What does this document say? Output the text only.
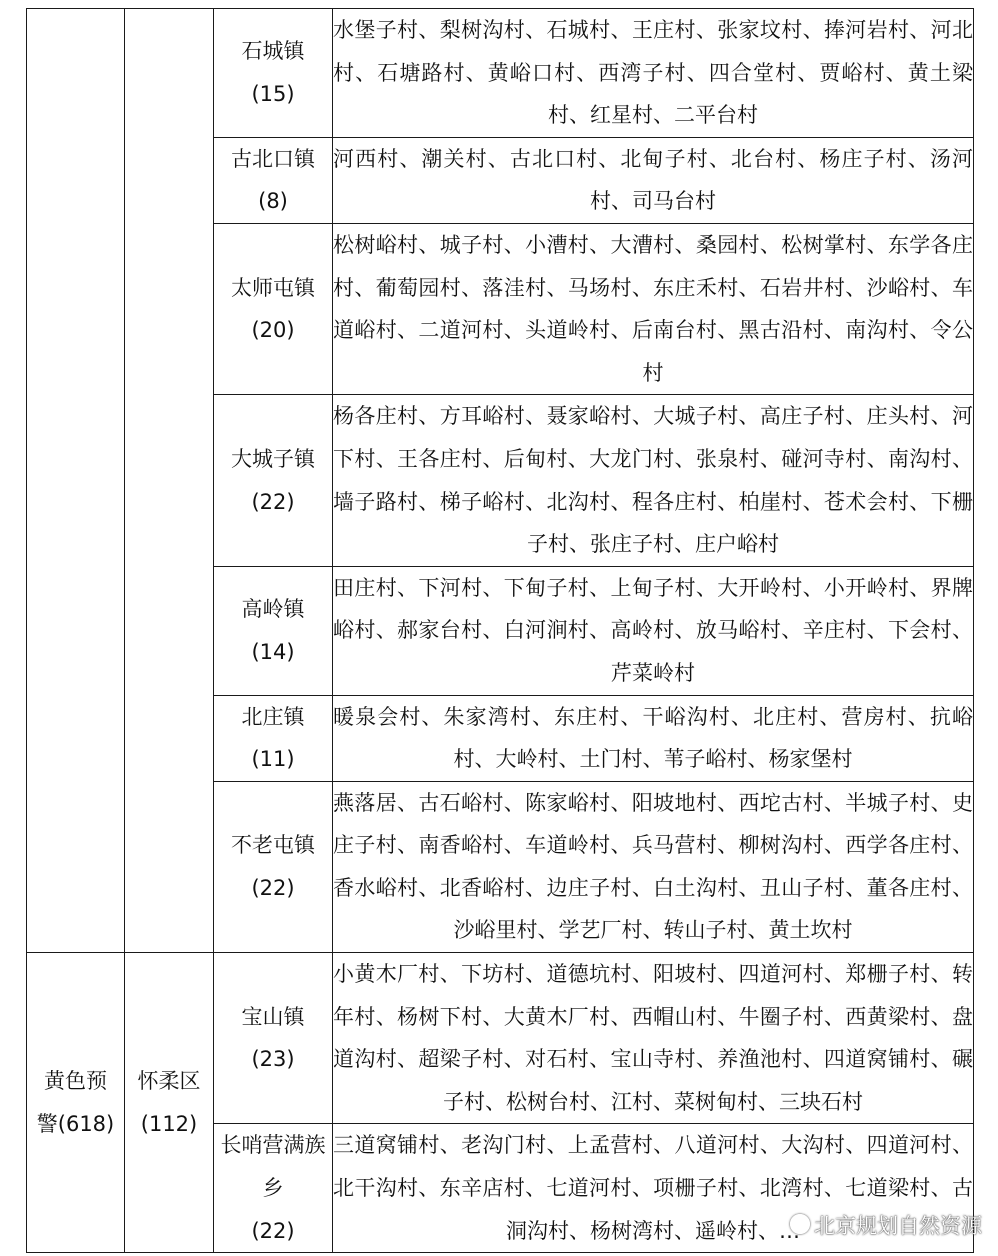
		石城镇
(15)	水堡子村、梨树沟村、石城村、王庄村、张家坟村、捧河岩村、河北村、石塘路村、黄峪口村、西湾子村、四合堂村、贾峪村、黄土梁村、红星村、二平台村

		古北口镇
(8)	河西村、潮关村、古北口村、北甸子村、北台村、杨庄子村、汤河村、司马台村

		太师屯镇
(20)	松树峪村、城子村、小漕村、大漕村、桑园村、松树掌村、东学各庄村、葡萄园村、落洼村、马场村、东庄禾村、石岩井村、沙峪村、车道峪村、二道河村、头道岭村、后南台村、黑古沿村、南沟村、令公村

		大城子镇
(22)	杨各庄村、方耳峪村、聂家峪村、大城子村、高庄子村、庄头村、河下村、王各庄村、后甸村、大龙门村、张泉村、碰河寺村、南沟村、墙子路村、梯子峪村、北沟村、程各庄村、柏崖村、苍术会村、下栅子村、张庄子村、庄户峪村

		高岭镇
(14)	田庄村、下河村、下甸子村、上甸子村、大开岭村、小开岭村、界牌峪村、郝家台村、白河涧村、高岭村、放马峪村、辛庄村、下会村、芹菜岭村

		北庄镇
(11)	暖泉会村、朱家湾村、东庄村、干峪沟村、北庄村、营房村、抗峪村、大岭村、土门村、苇子峪村、杨家堡村

		不老屯镇
(22)	燕落居、古石峪村、陈家峪村、阳坡地村、西坨古村、半城子村、史庄子村、南香峪村、车道岭村、兵马营村、柳树沟村、西学各庄村、香水峪村、北香峪村、边庄子村、白土沟村、丑山子村、董各庄村、沙峪里村、学艺厂村、转山子村、黄土坎村

黄色预
警(618)	怀柔区
(112)	宝山镇
(23)	小黄木厂村、下坊村、道德坑村、阳坡村、四道河村、郑栅子村、转年村、杨树下村、大黄木厂村、西帽山村、牛圈子村、西黄梁村、盘道沟村、超梁子村、对石村、宝山寺村、养渔池村、四道窝铺村、碾子村、松树台村、江村、菜树甸村、三块石村

		长哨营满族乡
(22)	三道窝铺村、老沟门村、上孟营村、八道河村、大沟村、四道河村、北干沟村、东辛店村、七道河村、项栅子村、北湾村、七道梁村、古洞沟村、杨树湾村、遥岭村、… 北京规划自然资源
